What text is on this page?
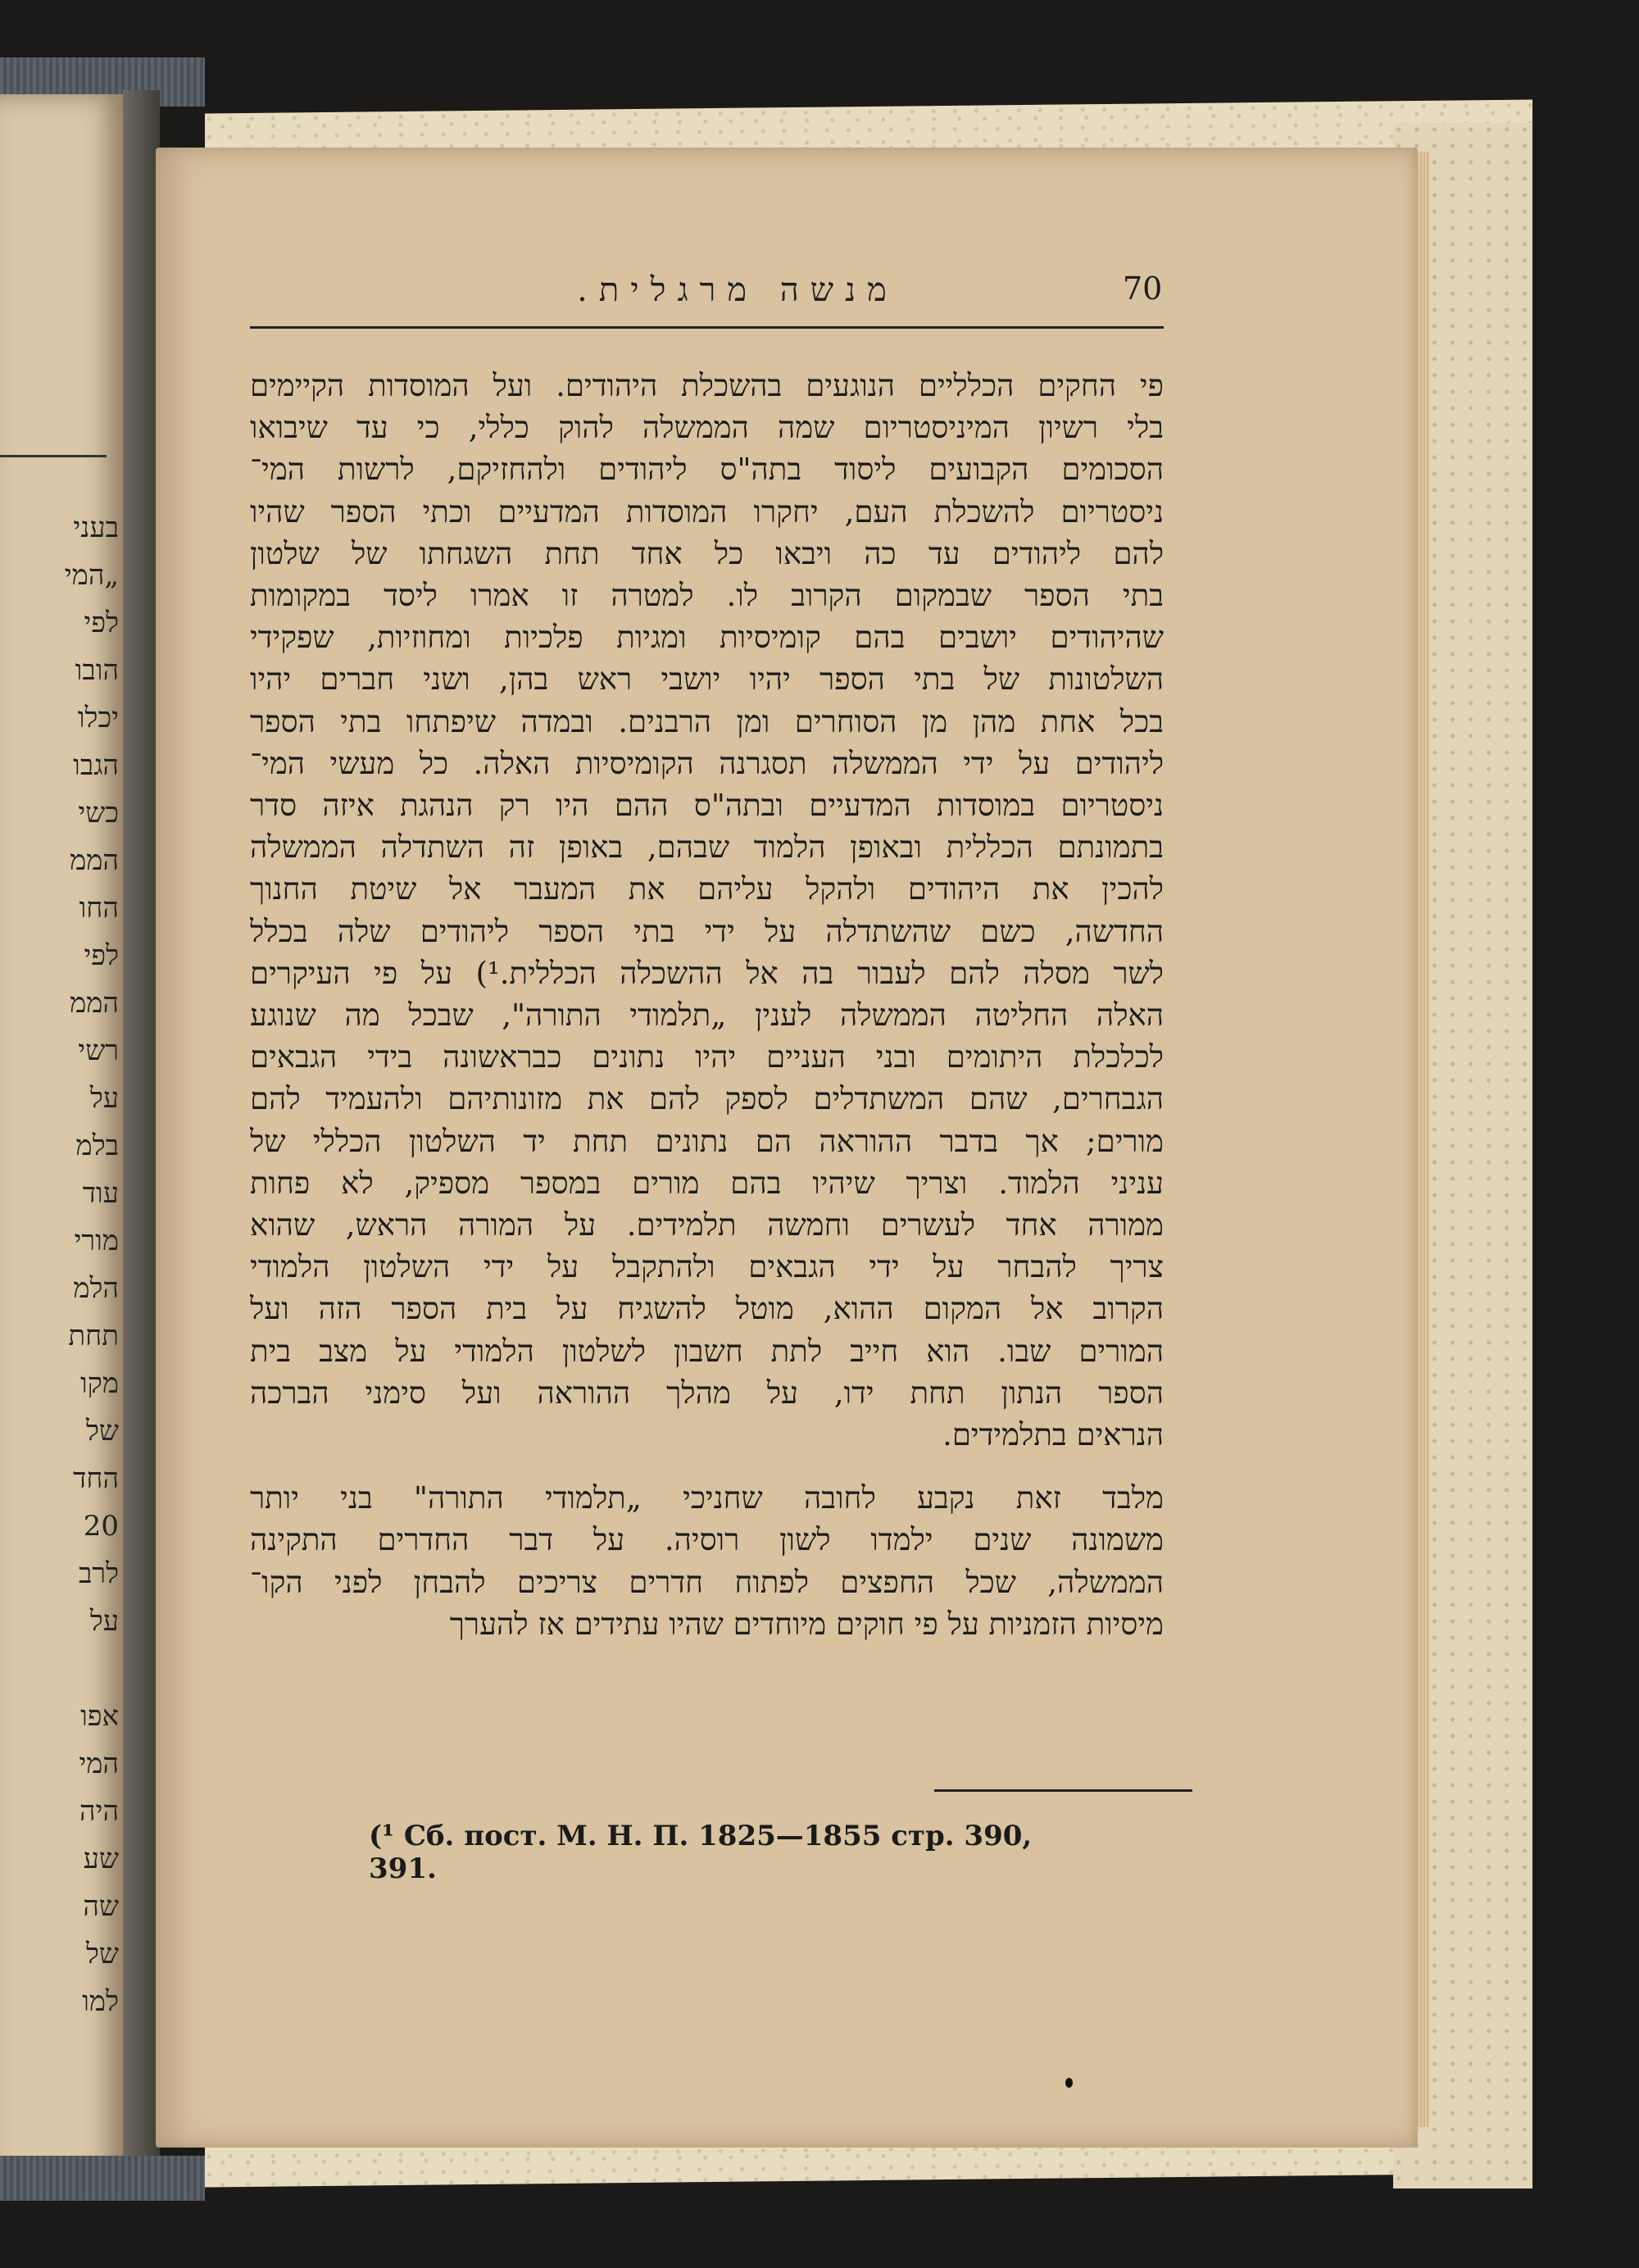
בעני
„המי
לפי
הובו
יכלו
הגבו
כשי
הממ
החו
לפי
הממ
רשי
על
בלמ
עוד
מורי
הלמ
תחת
מקו
של
החד
20
לרב
על
אפו
המי
היה
שע
שה
של
למו
70
מנשה מרגלית.
פי החקים הכלליים הנוגעים בהשכלת היהודים. ועל המוסדות הקיימים
בלי רשיון המיניסטריום שמה הממשלה להוק כללי, כי עד שיבואו
הסכומים הקבועים ליסוד בתה"ס ליהודים ולהחזיקם, לרשות המי־
ניסטריום להשכלת העם, יחקרו המוסדות המדעיים וכתי הספר שהיו
להם ליהודים עד כה ויבאו כל אחד תחת השגחתו של שלטון
בתי הספר שבמקום הקרוב לו. למטרה זו אמרו ליסד במקומות
שהיהודים יושבים בהם קומיסיות ומגיות פלכיות ומחוזיות, שפקידי
השלטונות של בתי הספר יהיו יושבי ראש בהן, ושני חברים יהיו
בכל אחת מהן מן הסוחרים ומן הרבנים. ובמדה שיפתחו בתי הספר
ליהודים על ידי הממשלה תסגרנה הקומיסיות האלה. כל מעשי המי־
ניסטריום במוסדות המדעיים ובתה"ס ההם היו רק הנהגת איזה סדר
בתמונתם הכללית ובאופן הלמוד שבהם, באופן זה השתדלה הממשלה
להכין את היהודים ולהקל עליהם את המעבר אל שיטת החנוך
החדשה, כשם שהשתדלה על ידי בתי הספר ליהודים שלה בכלל
לשר מסלה להם לעבור בה אל ההשכלה הכללית.¹) על פי העיקרים
האלה החליטה הממשלה לענין „תלמודי התורה", שבכל מה שנוגע
לכלכלת היתומים ובני העניים יהיו נתונים כבראשונה בידי הגבאים
הגבחרים, שהם המשתדלים לספק להם את מזונותיהם ולהעמיד להם
מורים; אך בדבר ההוראה הם נתונים תחת יד השלטון הכללי של
עניני הלמוד. וצריך שיהיו בהם מורים במספר מספיק, לא פחות
ממורה אחד לעשרים וחמשה תלמידים. על המורה הראש, שהוא
צריך להבחר על ידי הגבאים ולהתקבל על ידי השלטון הלמודי
הקרוב אל המקום ההוא, מוטל להשגיח על בית הספר הזה ועל
המורים שבו. הוא חייב לתת חשבון לשלטון הלמודי על מצב בית
הספר הנתון תחת ידו, על מהלך ההוראה ועל סימני הברכה
הנראים בתלמידים.
מלבד זאת נקבע לחובה שחניכי „תלמודי התורה" בני יותר
משמונה שנים ילמדו לשון רוסיה. על דבר החדרים התקינה
הממשלה, שכל החפצים לפתוח חדרים צריכים להבחן לפני הקו־
מיסיות הזמניות על פי חוקים מיוחדים שהיו עתידים אז להערך
(¹ Сб. пост. М. Н. П. 1825—1855 стр. 390, 391.
